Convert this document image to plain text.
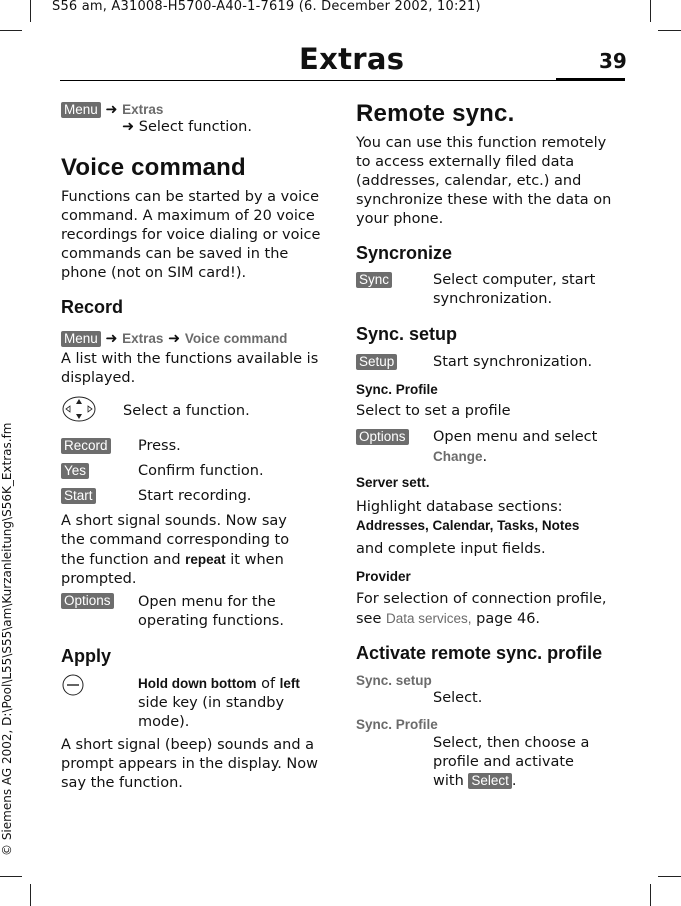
S56 am, A31008-H5700-A40-1-7619 (6. December 2002, 10:21)
© Siemens AG 2002, D:\Pool\L55\S55\am\Kurzanleitung\S56K_Extras.fm
Extras	39
Menu ➜ Extras
➜ Select function.
Voice command
Functions can be started by a voice command. A maximum of 20 voice recordings for voice dialing or voice commands can be saved in the phone (not on SIM card!).
Record
Menu ➜ Extras ➜ Voice command
A list with the functions available is displayed.
Select a function.
Record Press.
Yes	Confirm function.
Start	Start recording.
A short signal sounds. Now say the command corresponding to the function and repeat it when prompted.
Options Open menu for the operating functions.
Apply
Hold down bottom of left side key (in standby mode).
A short signal (beep) sounds and a prompt appears in the display. Now say the function.
Remote sync.
You can use this function remotely to access externally filed data (addresses, calendar, etc.) and synchronize these with the data on your phone.
Syncronize
Sync	Select computer, start synchronization.
Sync. setup
Setup	Start synchronization.
Sync. Profile
Select to set a profile
Options Open menu and select Change.
Server sett.
Highlight database sections:
Addresses, Calendar, Tasks, Notes
and complete input fields.
Provider
For selection of connection profile, see Data services, page 46.
Activate remote sync. profile
Sync. setup
Select.
Sync. Profile
Select, then choose a profile and activate with Select .
